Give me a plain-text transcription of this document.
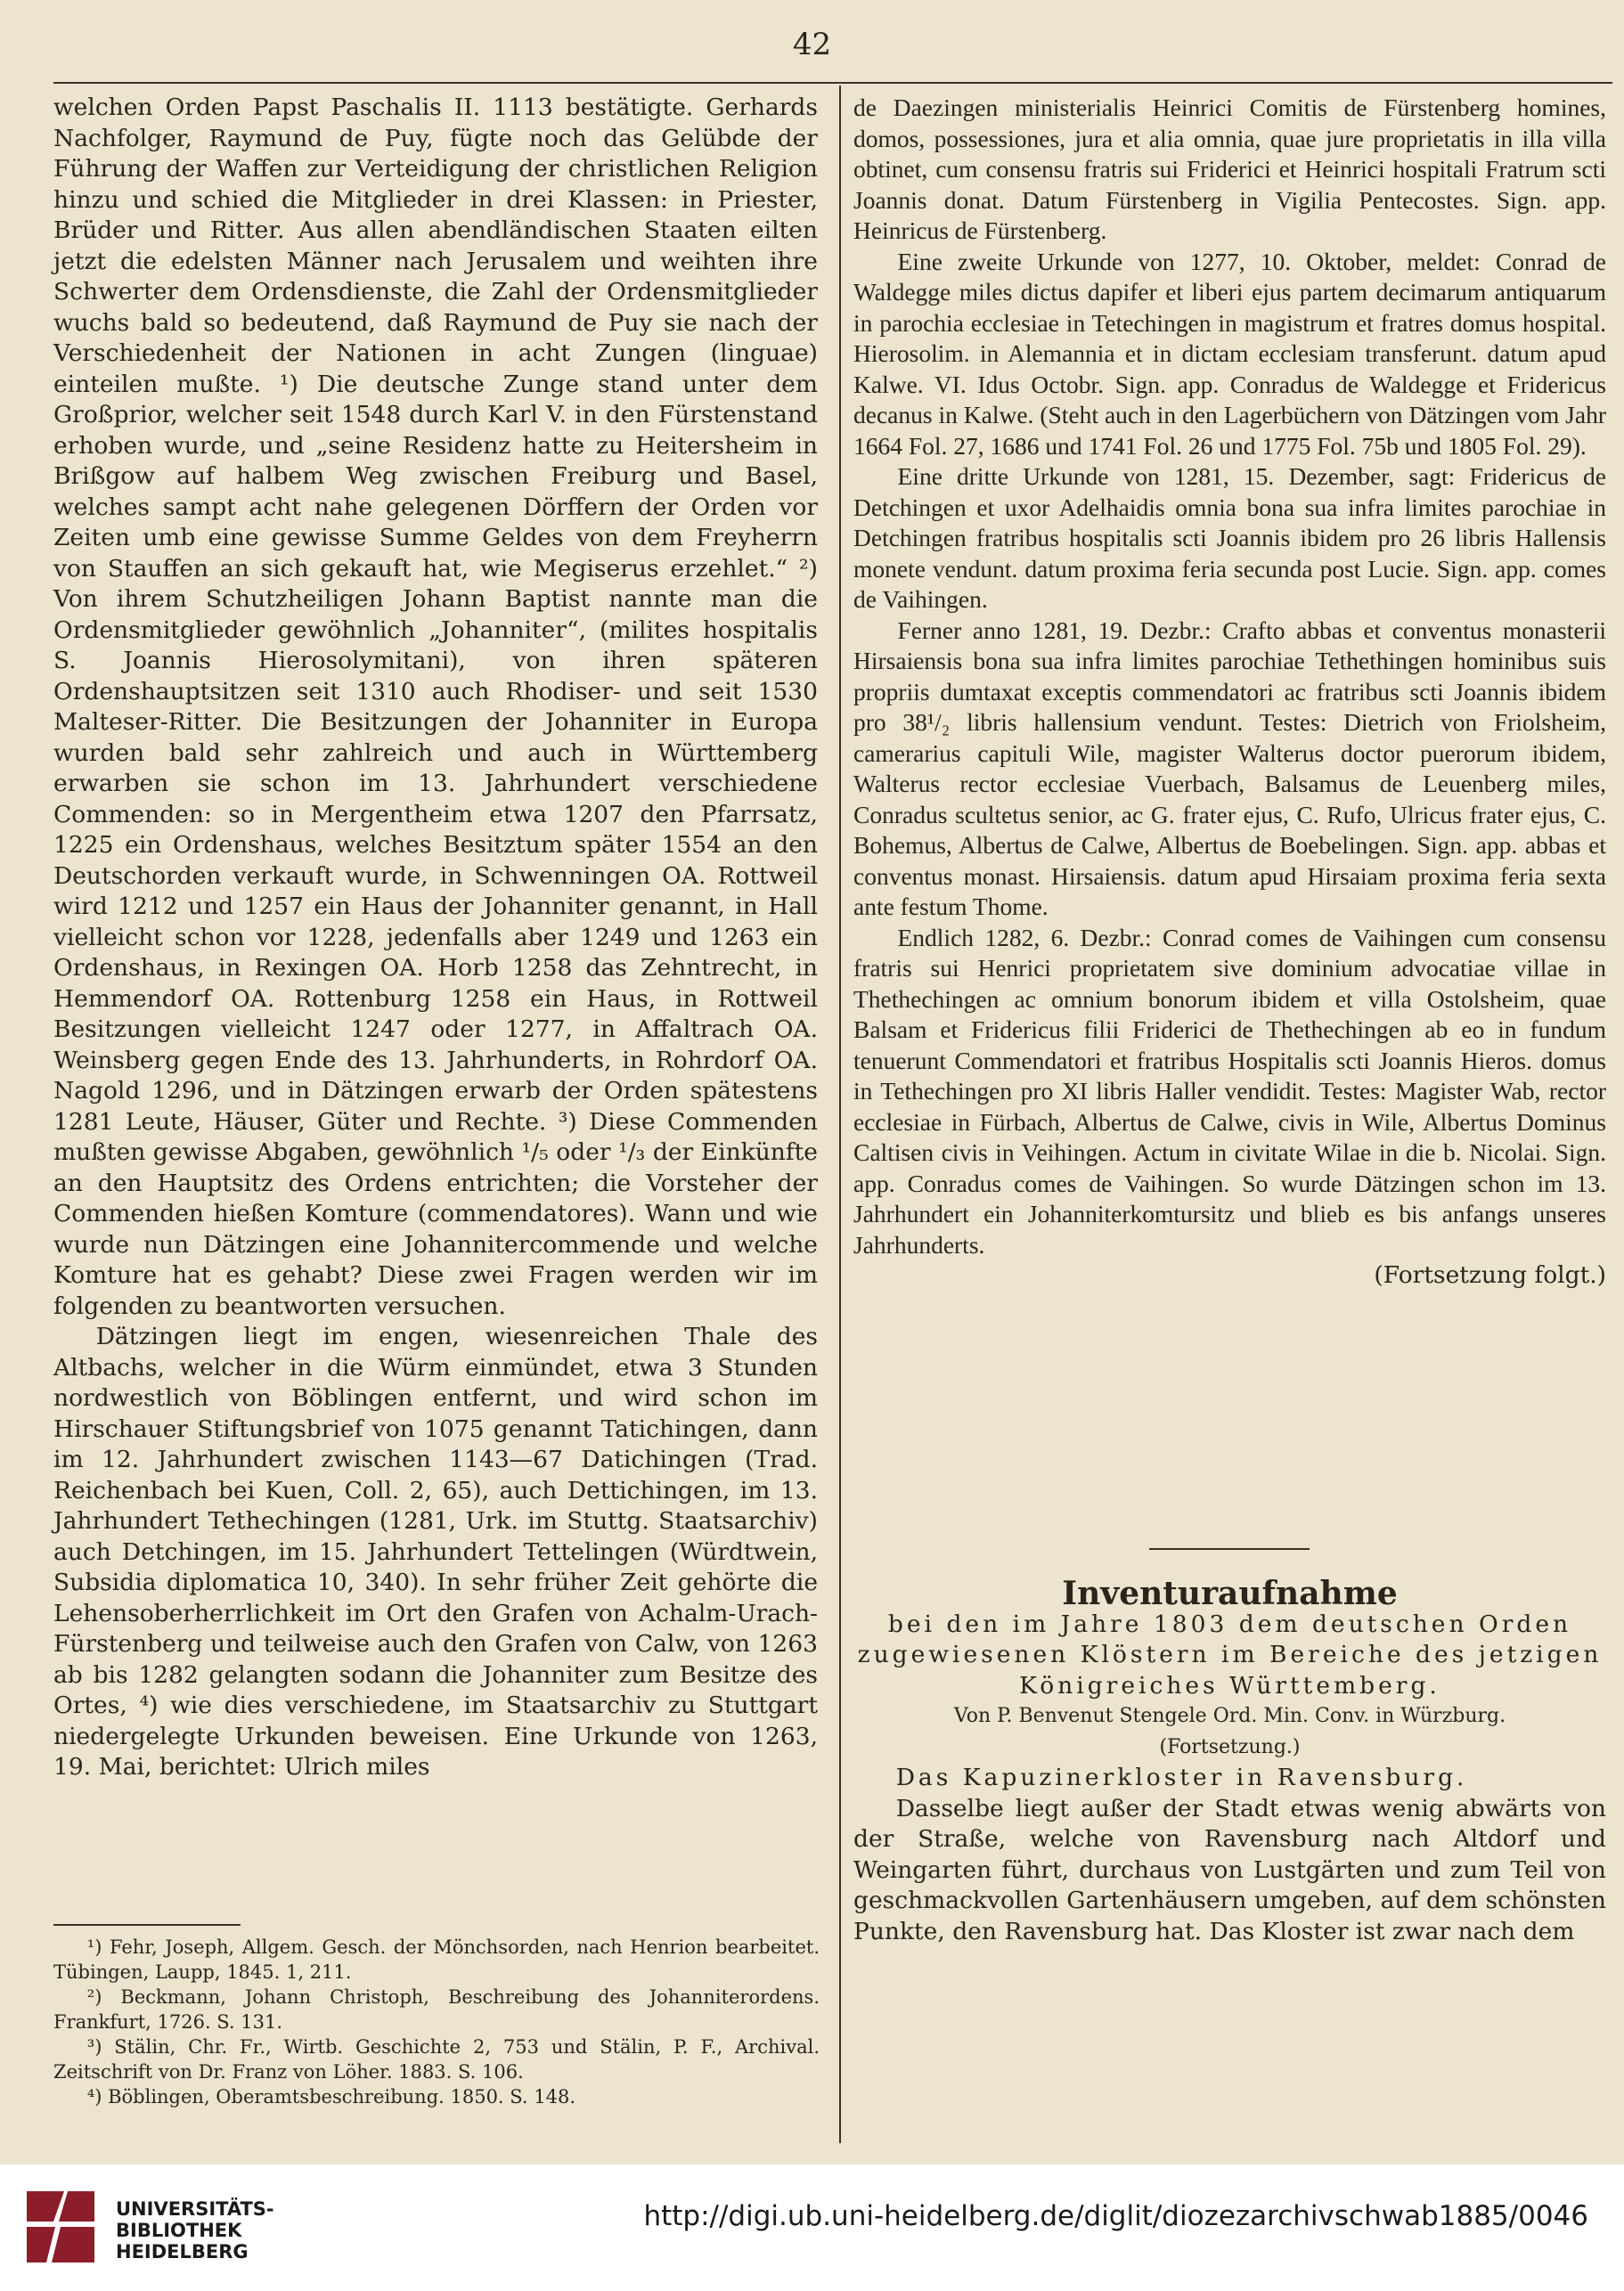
42

welchen Orden Papst Paschalis II. 1113 bestätigte. Gerhards Nachfolger, Raymund de Puy, fügte noch das Gelübde der Führung der Waffen zur Verteidigung der christlichen Religion hinzu und schied die Mitglieder in drei Klassen: in Priester, Brüder und Ritter. Aus allen abendländischen Staaten eilten jetzt die edelsten Männer nach Jerusalem und weihten ihre Schwerter dem Ordensdienste, die Zahl der Ordensmitglieder wuchs bald so bedeutend, daß Raymund de Puy sie nach der Verschiedenheit der Nationen in acht Zungen (linguae) einteilen mußte. ¹) Die deutsche Zunge stand unter dem Großprior, welcher seit 1548 durch Karl V. in den Fürstenstand erhoben wurde, und „seine Residenz hatte zu Heitersheim in Brißgow auf halbem Weg zwischen Freiburg und Basel, welches sampt acht nahe gelegenen Dörffern der Orden vor Zeiten umb eine gewisse Summe Geldes von dem Freyherrn von Stauffen an sich gekauft hat, wie Megiserus erzehlet.“ ²) Von ihrem Schutzheiligen Johann Baptist nannte man die Ordensmitglieder gewöhnlich „Johanniter“, (milites hospitalis S. Joannis Hierosolymitani), von ihren späteren Ordenshauptsitzen seit 1310 auch Rhodiser- und seit 1530 Malteser-Ritter. Die Besitzungen der Johanniter in Europa wurden bald sehr zahlreich und auch in Württemberg erwarben sie schon im 13. Jahrhundert verschiedene Commenden: so in Mergentheim etwa 1207 den Pfarrsatz, 1225 ein Ordenshaus, welches Besitztum später 1554 an den Deutschorden verkauft wurde, in Schwenningen OA. Rottweil wird 1212 und 1257 ein Haus der Johanniter genannt, in Hall vielleicht schon vor 1228, jedenfalls aber 1249 und 1263 ein Ordenshaus, in Rexingen OA. Horb 1258 das Zehntrecht, in Hemmendorf OA. Rottenburg 1258 ein Haus, in Rottweil Besitzungen vielleicht 1247 oder 1277, in Affaltrach OA. Weinsberg gegen Ende des 13. Jahrhunderts, in Rohrdorf OA. Nagold 1296, und in Dätzingen erwarb der Orden spätestens 1281 Leute, Häuser, Güter und Rechte. ³) Diese Commenden mußten gewisse Abgaben, gewöhnlich ¹/₅ oder ¹/₃ der Einkünfte an den Hauptsitz des Ordens entrichten; die Vorsteher der Commenden hießen Komture (commendatores). Wann und wie wurde nun Dätzingen eine Johannitercommende und welche Komture hat es gehabt? Diese zwei Fragen werden wir im folgenden zu beantworten versuchen.

Dätzingen liegt im engen, wiesenreichen Thale des Altbachs, welcher in die Würm einmündet, etwa 3 Stunden nordwestlich von Böblingen entfernt, und wird schon im Hirschauer Stiftungsbrief von 1075 genannt Tatichingen, dann im 12. Jahrhundert zwischen 1143—67 Datichingen (Trad. Reichenbach bei Kuen, Coll. 2, 65), auch Dettichingen, im 13. Jahrhundert Tethechingen (1281, Urk. im Stuttg. Staatsarchiv) auch Detchingen, im 15. Jahrhundert Tettelingen (Würdtwein, Subsidia diplomatica 10, 340). In sehr früher Zeit gehörte die Lehensoberherrlichkeit im Ort den Grafen von Achalm-Urach-Fürstenberg und teilweise auch den Grafen von Calw, von 1263 ab bis 1282 gelangten sodann die Johanniter zum Besitze des Ortes, ⁴) wie dies verschiedene, im Staatsarchiv zu Stuttgart niedergelegte Urkunden beweisen. Eine Urkunde von 1263, 19. Mai, berichtet: Ulrich miles

¹) Fehr, Joseph, Allgem. Gesch. der Mönchsorden, nach Henrion bearbeitet. Tübingen, Laupp, 1845. 1, 211.

²) Beckmann, Johann Christoph, Beschreibung des Johanniterordens. Frankfurt, 1726. S. 131.

³) Stälin, Chr. Fr., Wirtb. Geschichte 2, 753 und Stälin, P. F., Archival. Zeitschrift von Dr. Franz von Löher. 1883. S. 106.

⁴) Böblingen, Oberamtsbeschreibung. 1850. S. 148.

de Daezingen ministerialis Heinrici Comitis de Fürstenberg homines, domos, possessiones, jura et alia omnia, quae jure proprietatis in illa villa obtinet, cum consensu fratris sui Friderici et Heinrici hospitali Fratrum scti Joannis donat. Datum Fürstenberg in Vigilia Pentecostes. Sign. app. Heinricus de Fürstenberg.

Eine zweite Urkunde von 1277, 10. Oktober, meldet: Conrad de Waldegge miles dictus dapifer et liberi ejus partem decimarum antiquarum in parochia ecclesiae in Tetechingen in magistrum et fratres domus hospital. Hierosolim. in Alemannia et in dictam ecclesiam transferunt. datum apud Kalwe. VI. Idus Octobr. Sign. app. Conradus de Waldegge et Fridericus decanus in Kalwe. (Steht auch in den Lagerbüchern von Dätzingen vom Jahr 1664 Fol. 27, 1686 und 1741 Fol. 26 und 1775 Fol. 75b und 1805 Fol. 29).

Eine dritte Urkunde von 1281, 15. Dezember, sagt: Fridericus de Detchingen et uxor Adelhaidis omnia bona sua infra limites parochiae in Detchingen fratribus hospitalis scti Joannis ibidem pro 26 libris Hallensis monete vendunt. datum proxima feria secunda post Lucie. Sign. app. comes de Vaihingen.

Ferner anno 1281, 19. Dezbr.: Crafto abbas et conventus monasterii Hirsaiensis bona sua infra limites parochiae Tethethingen hominibus suis propriis dumtaxat exceptis commendatori ac fratribus scti Joannis ibidem pro 38¹/₂ libris hallensium vendunt. Testes: Dietrich von Friolsheim, camerarius capituli Wile, magister Walterus doctor puerorum ibidem, Walterus rector ecclesiae Vuerbach, Balsamus de Leuenberg miles, Conradus scultetus senior, ac G. frater ejus, C. Rufo, Ulricus frater ejus, C. Bohemus, Albertus de Calwe, Albertus de Boebelingen. Sign. app. abbas et conventus monast. Hirsaiensis. datum apud Hirsaiam proxima feria sexta ante festum Thome.

Endlich 1282, 6. Dezbr.: Conrad comes de Vaihingen cum consensu fratris sui Henrici proprietatem sive dominium advocatiae villae in Thethechingen ac omnium bonorum ibidem et villa Ostolsheim, quae Balsam et Fridericus filii Friderici de Thethechingen ab eo in fundum tenuerunt Commendatori et fratribus Hospitalis scti Joannis Hieros. domus in Tethechingen pro XI libris Haller vendidit. Testes: Magister Wab, rector ecclesiae in Fürbach, Albertus de Calwe, civis in Wile, Albertus Dominus Caltisen civis in Veihingen. Actum in civitate Wilae in die b. Nicolai. Sign. app. Conradus comes de Vaihingen. So wurde Dätzingen schon im 13. Jahrhundert ein Johanniterkomtursitz und blieb es bis anfangs unseres Jahrhunderts.

(Fortsetzung folgt.)

Inventuraufnahme

bei den im Jahre 1803 dem deutschen Orden zugewiesenen Klöstern im Bereiche des jetzigen

Königreiches Württemberg.

Von P. Benvenut Stengele Ord. Min. Conv. in Würzburg.

(Fortsetzung.)

Das Kapuzinerkloster in Ravensburg.

Dasselbe liegt außer der Stadt etwas wenig abwärts von der Straße, welche von Ravensburg nach Altdorf und Weingarten führt, durchaus von Lustgärten und zum Teil von geschmackvollen Gartenhäusern umgeben, auf dem schönsten Punkte, den Ravensburg hat. Das Kloster ist zwar nach dem

UNIVERSITÄTS-
BIBLIOTHEK
HEIDELBERG
http://digi.ub.uni-heidelberg.de/diglit/diozezarchivschwab1885/0046
